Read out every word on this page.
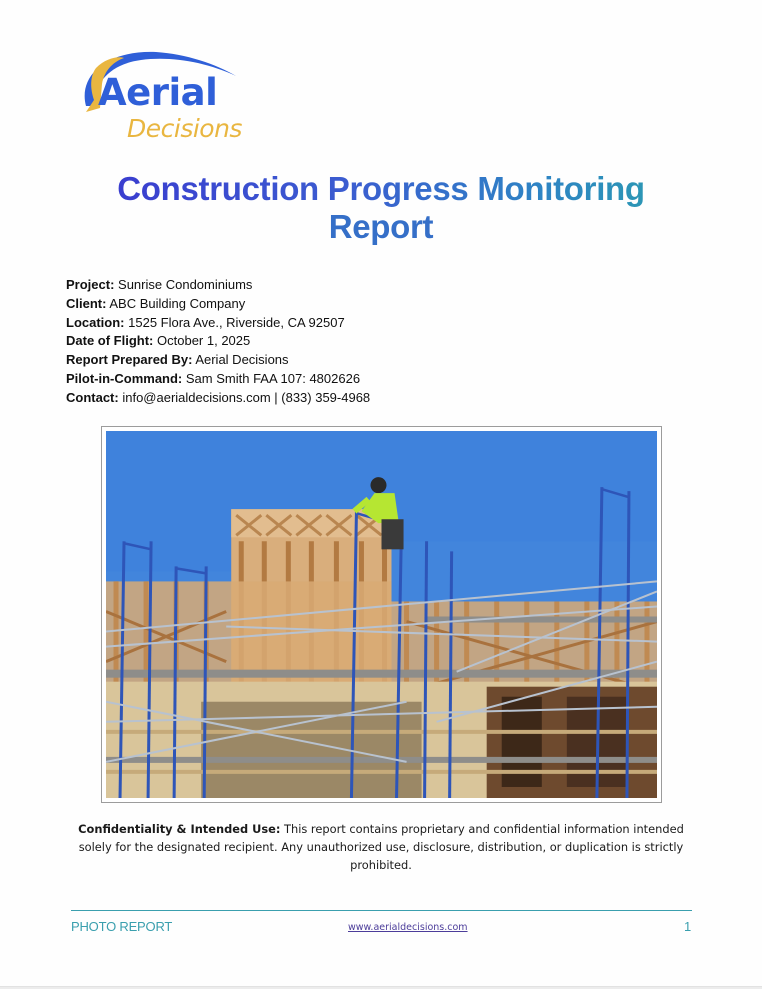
Aerial
Decisions
Construction Progress Monitoring
Report
Project: Sunrise Condominiums
Client: ABC Building Company
Location: 1525 Flora Ave., Riverside, CA 92507
Date of Flight: October 1, 2025
Report Prepared By: Aerial Decisions
Pilot-in-Command: Sam Smith FAA 107: 4802626
Contact: info@aerialdecisions.com | (833) 359-4968

Confidentiality & Intended Use: This report contains proprietary and confidential information intended solely for the designated recipient. Any unauthorized use, disclosure, distribution, or duplication is strictly prohibited.

PHOTO REPORT	www.aerialdecisions.com	1
